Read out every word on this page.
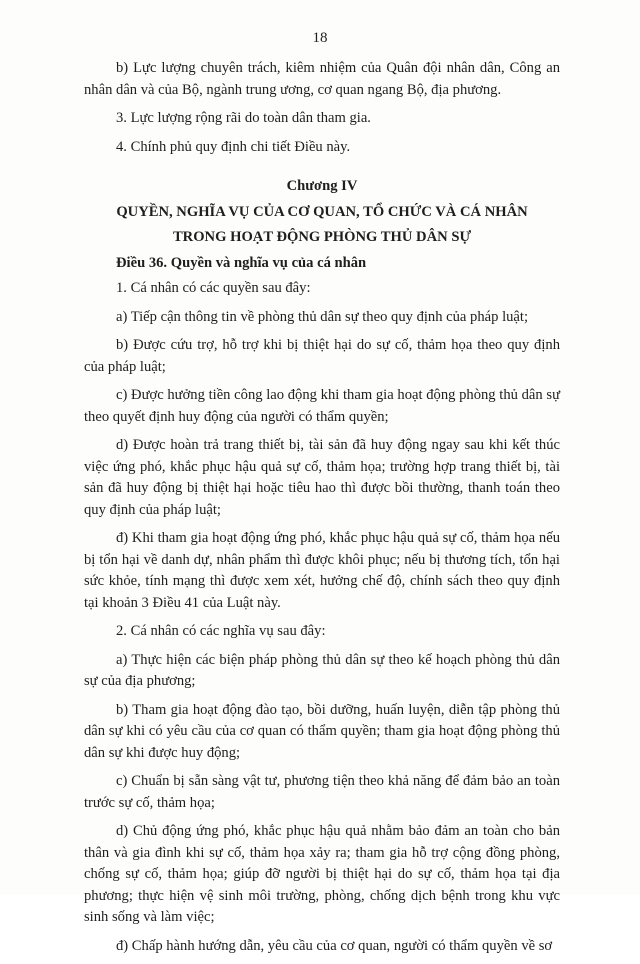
18

b) Lực lượng chuyên trách, kiêm nhiệm của Quân đội nhân dân, Công an nhân dân và của Bộ, ngành trung ương, cơ quan ngang Bộ, địa phương.

3. Lực lượng rộng rãi do toàn dân tham gia.

4. Chính phủ quy định chi tiết Điều này.

Chương IV
QUYỀN, NGHĨA VỤ CỦA CƠ QUAN, TỔ CHỨC VÀ CÁ NHÂN
TRONG HOẠT ĐỘNG PHÒNG THỦ DÂN SỰ
Điều 36. Quyền và nghĩa vụ của cá nhân

1. Cá nhân có các quyền sau đây:

a) Tiếp cận thông tin về phòng thủ dân sự theo quy định của pháp luật;

b) Được cứu trợ, hỗ trợ khi bị thiệt hại do sự cố, thảm họa theo quy định của pháp luật;

c) Được hưởng tiền công lao động khi tham gia hoạt động phòng thủ dân sự theo quyết định huy động của người có thẩm quyền;

d) Được hoàn trả trang thiết bị, tài sản đã huy động ngay sau khi kết thúc việc ứng phó, khắc phục hậu quả sự cố, thảm họa; trường hợp trang thiết bị, tài sản đã huy động bị thiệt hại hoặc tiêu hao thì được bồi thường, thanh toán theo quy định của pháp luật;

đ) Khi tham gia hoạt động ứng phó, khắc phục hậu quả sự cố, thảm họa nếu bị tổn hại về danh dự, nhân phẩm thì được khôi phục; nếu bị thương tích, tổn hại sức khỏe, tính mạng thì được xem xét, hưởng chế độ, chính sách theo quy định tại khoản 3 Điều 41 của Luật này.

2. Cá nhân có các nghĩa vụ sau đây:

a) Thực hiện các biện pháp phòng thủ dân sự theo kế hoạch phòng thủ dân sự của địa phương;

b) Tham gia hoạt động đào tạo, bồi dưỡng, huấn luyện, diễn tập phòng thủ dân sự khi có yêu cầu của cơ quan có thẩm quyền; tham gia hoạt động phòng thủ dân sự khi được huy động;

c) Chuẩn bị sẵn sàng vật tư, phương tiện theo khả năng để đảm bảo an toàn trước sự cố, thảm họa;

d) Chủ động ứng phó, khắc phục hậu quả nhằm bảo đảm an toàn cho bản thân và gia đình khi sự cố, thảm họa xảy ra; tham gia hỗ trợ cộng đồng phòng, chống sự cố, thảm họa; giúp đỡ người bị thiệt hại do sự cố, thảm họa tại địa phương; thực hiện vệ sinh môi trường, phòng, chống dịch bệnh trong khu vực sinh sống và làm việc;

đ) Chấp hành hướng dẫn, yêu cầu của cơ quan, người có thẩm quyền về sơ
